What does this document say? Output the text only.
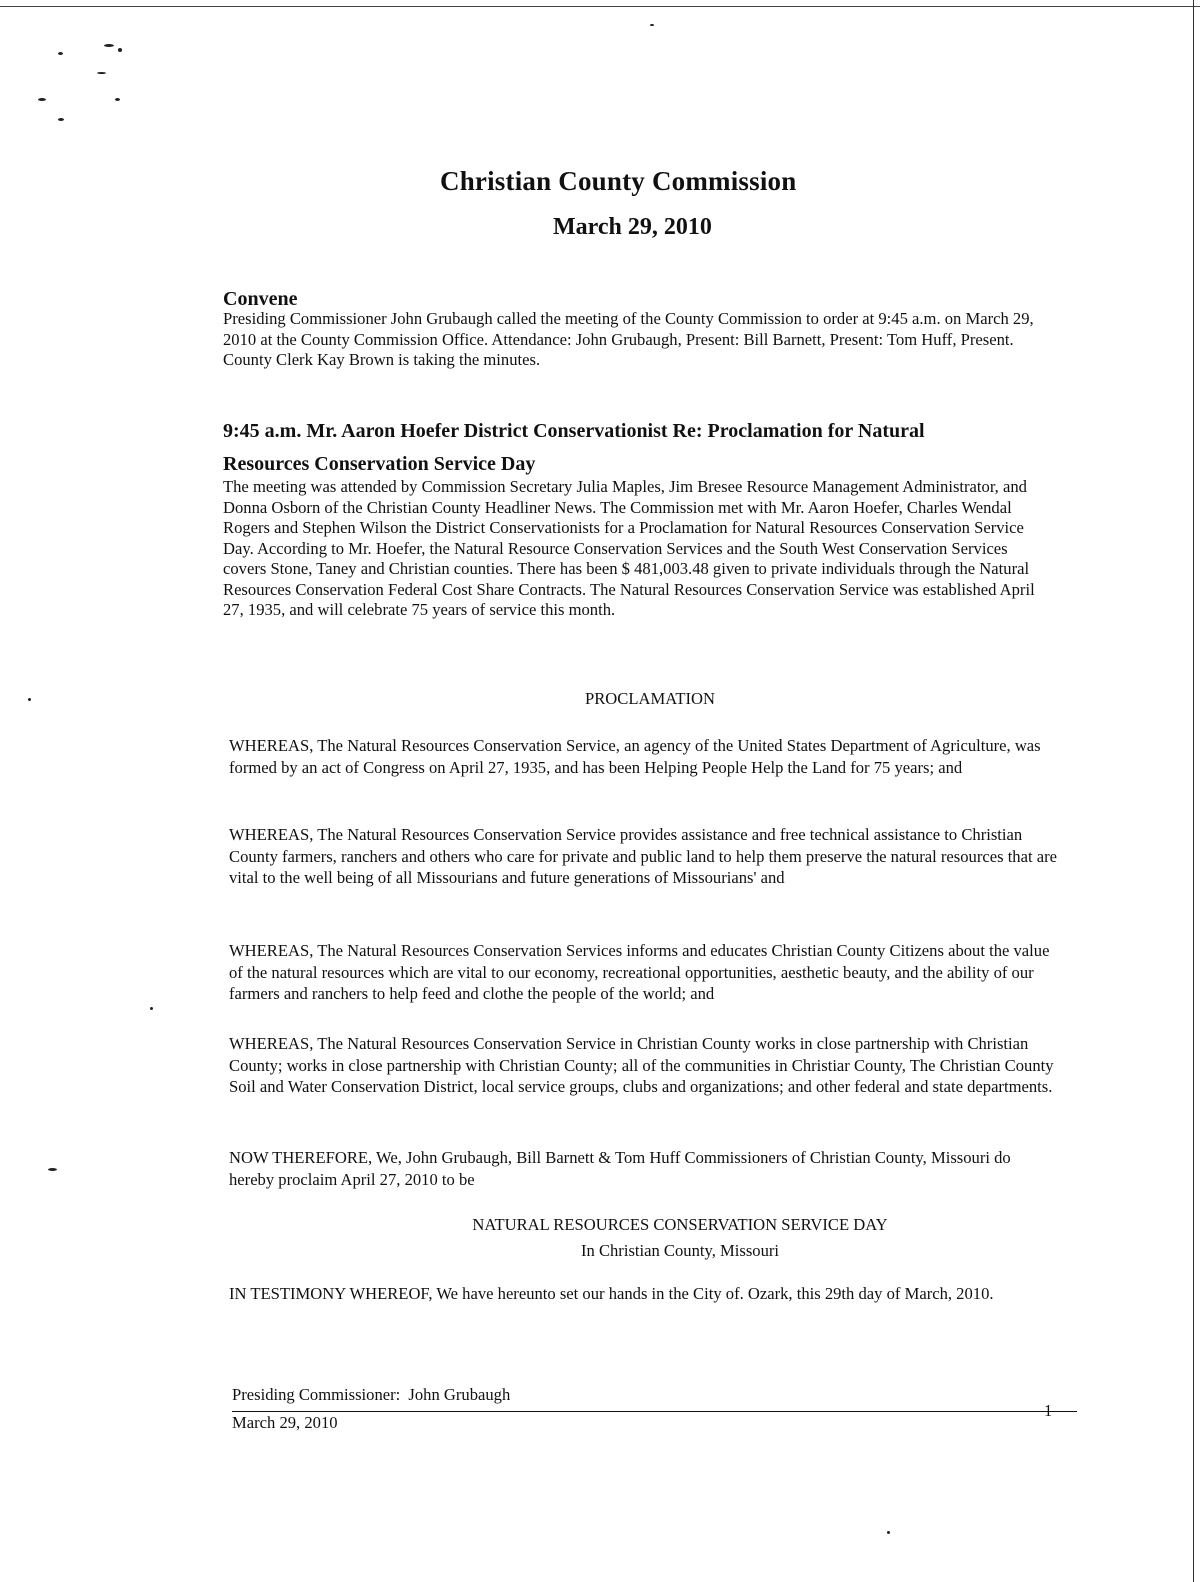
Christian County Commission
March 29, 2010
Convene

Presiding Commissioner John Grubaugh called the meeting of the County Commission to order at 9:45 a.m. on March 29, 2010 at the County Commission Office. Attendance: John Grubaugh, Present: Bill Barnett, Present: Tom Huff, Present. County Clerk Kay Brown is taking the minutes.

9:45 a.m. Mr. Aaron Hoefer District Conservationist Re: Proclamation for Natural
Resources Conservation Service Day

The meeting was attended by Commission Secretary Julia Maples, Jim Bresee Resource Management Administrator, and Donna Osborn of the Christian County Headliner News. The Commission met with Mr. Aaron Hoefer, Charles Wendal Rogers and Stephen Wilson the District Conservationists for a Proclamation for Natural Resources Conservation Service Day. According to Mr. Hoefer, the Natural Resource Conservation Services and the South West Conservation Services covers Stone, Taney and Christian counties. There has been $ 481,003.48 given to private individuals through the Natural Resources Conservation Federal Cost Share Contracts. The Natural Resources Conservation Service was established April 27, 1935, and will celebrate 75 years of service this month.

PROCLAMATION

WHEREAS, The Natural Resources Conservation Service, an agency of the United States Department of Agriculture, was formed by an act of Congress on April 27, 1935, and has been Helping People Help the Land for 75 years; and

WHEREAS, The Natural Resources Conservation Service provides assistance and free technical assistance to Christian County farmers, ranchers and others who care for private and public land to help them preserve the natural resources that are vital to the well being of all Missourians and future generations of Missourians' and

WHEREAS, The Natural Resources Conservation Services informs and educates Christian County Citizens about the value of the natural resources which are vital to our economy, recreational opportunities, aesthetic beauty, and the ability of our farmers and ranchers to help feed and clothe the people of the world; and

WHEREAS, The Natural Resources Conservation Service in Christian County works in close partnership with Christian County; works in close partnership with Christian County; all of the communities in Christiar County, The Christian County Soil and Water Conservation District, local service groups, clubs and organizations; and other federal and state departments.

NOW THEREFORE, We, John Grubaugh, Bill Barnett & Tom Huff Commissioners of Christian County, Missouri do hereby proclaim April 27, 2010 to be

NATURAL RESOURCES CONSERVATION SERVICE DAY
In Christian County, Missouri

IN TESTIMONY WHEREOF, We have hereunto set our hands in the City of. Ozark, this 29th day of March, 2010.

Presiding Commissioner: John Grubaugh
March 29, 2010
1
